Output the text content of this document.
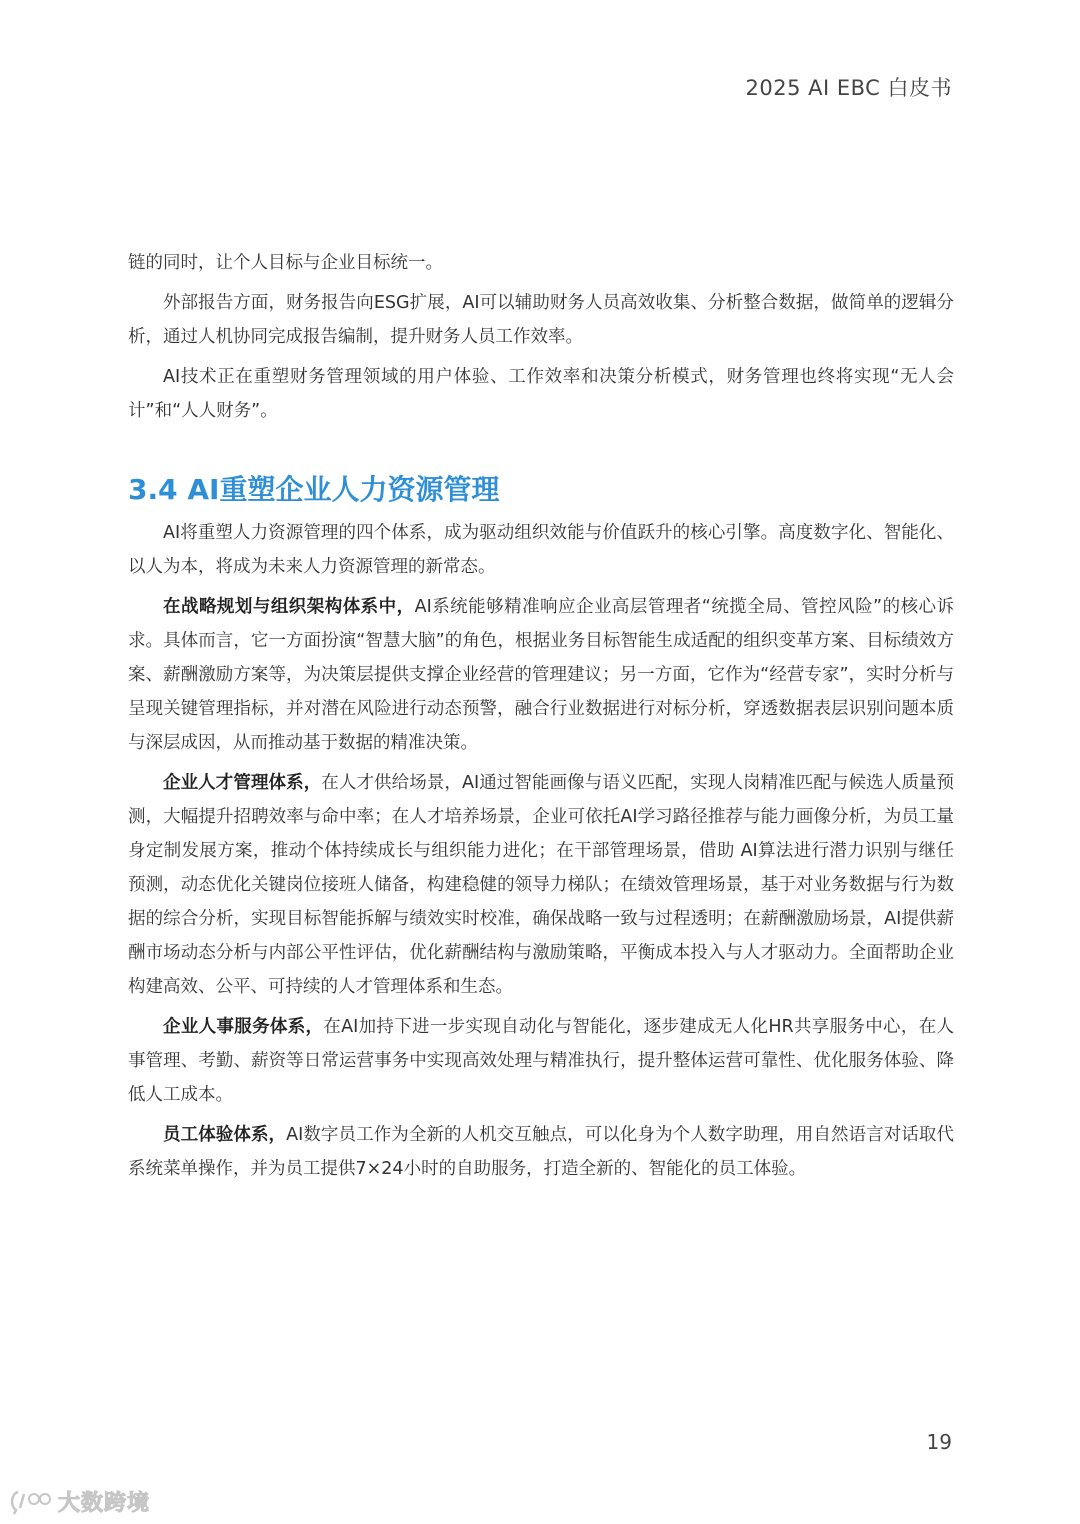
2025 AI EBC 白皮书

链的同时，让个人目标与企业目标统一。

外部报告方面，财务报告向ESG扩展，AI可以辅助财务人员高效收集、分析整合数据，做简单的逻辑分析，通过人机协同完成报告编制，提升财务人员工作效率。

AI技术正在重塑财务管理领域的用户体验、工作效率和决策分析模式，财务管理也终将实现“无人会计”和“人人财务”。

3.4 AI重塑企业人力资源管理

AI将重塑人力资源管理的四个体系，成为驱动组织效能与价值跃升的核心引擎。高度数字化、智能化、以人为本，将成为未来人力资源管理的新常态。

在战略规划与组织架构体系中，AI系统能够精准响应企业高层管理者“统揽全局、管控风险”的核心诉求。具体而言，它一方面扮演“智慧大脑”的角色，根据业务目标智能生成适配的组织变革方案、目标绩效方案、薪酬激励方案等，为决策层提供支撑企业经营的管理建议；另一方面，它作为“经营专家”，实时分析与呈现关键管理指标，并对潜在风险进行动态预警，融合行业数据进行对标分析，穿透数据表层识别问题本质与深层成因，从而推动基于数据的精准决策。

企业人才管理体系，在人才供给场景，AI通过智能画像与语义匹配，实现人岗精准匹配与候选人质量预测，大幅提升招聘效率与命中率；在人才培养场景，企业可依托AI学习路径推荐与能力画像分析，为员工量身定制发展方案，推动个体持续成长与组织能力进化；在干部管理场景，借助 AI算法进行潜力识别与继任预测，动态优化关键岗位接班人储备，构建稳健的领导力梯队；在绩效管理场景，基于对业务数据与行为数据的综合分析，实现目标智能拆解与绩效实时校准，确保战略一致与过程透明；在薪酬激励场景，AI提供薪酬市场动态分析与内部公平性评估，优化薪酬结构与激励策略，平衡成本投入与人才驱动力。全面帮助企业构建高效、公平、可持续的人才管理体系和生态。

企业人事服务体系，在AI加持下进一步实现自动化与智能化，逐步建成无人化HR共享服务中心，在人事管理、考勤、薪资等日常运营事务中实现高效处理与精准执行，提升整体运营可靠性、优化服务体验、降低人工成本。

员工体验体系，AI数字员工作为全新的人机交互触点，可以化身为个人数字助理，用自然语言对话取代系统菜单操作，并为员工提供7×24小时的自助服务，打造全新的、智能化的员工体验。

19
大数跨境
